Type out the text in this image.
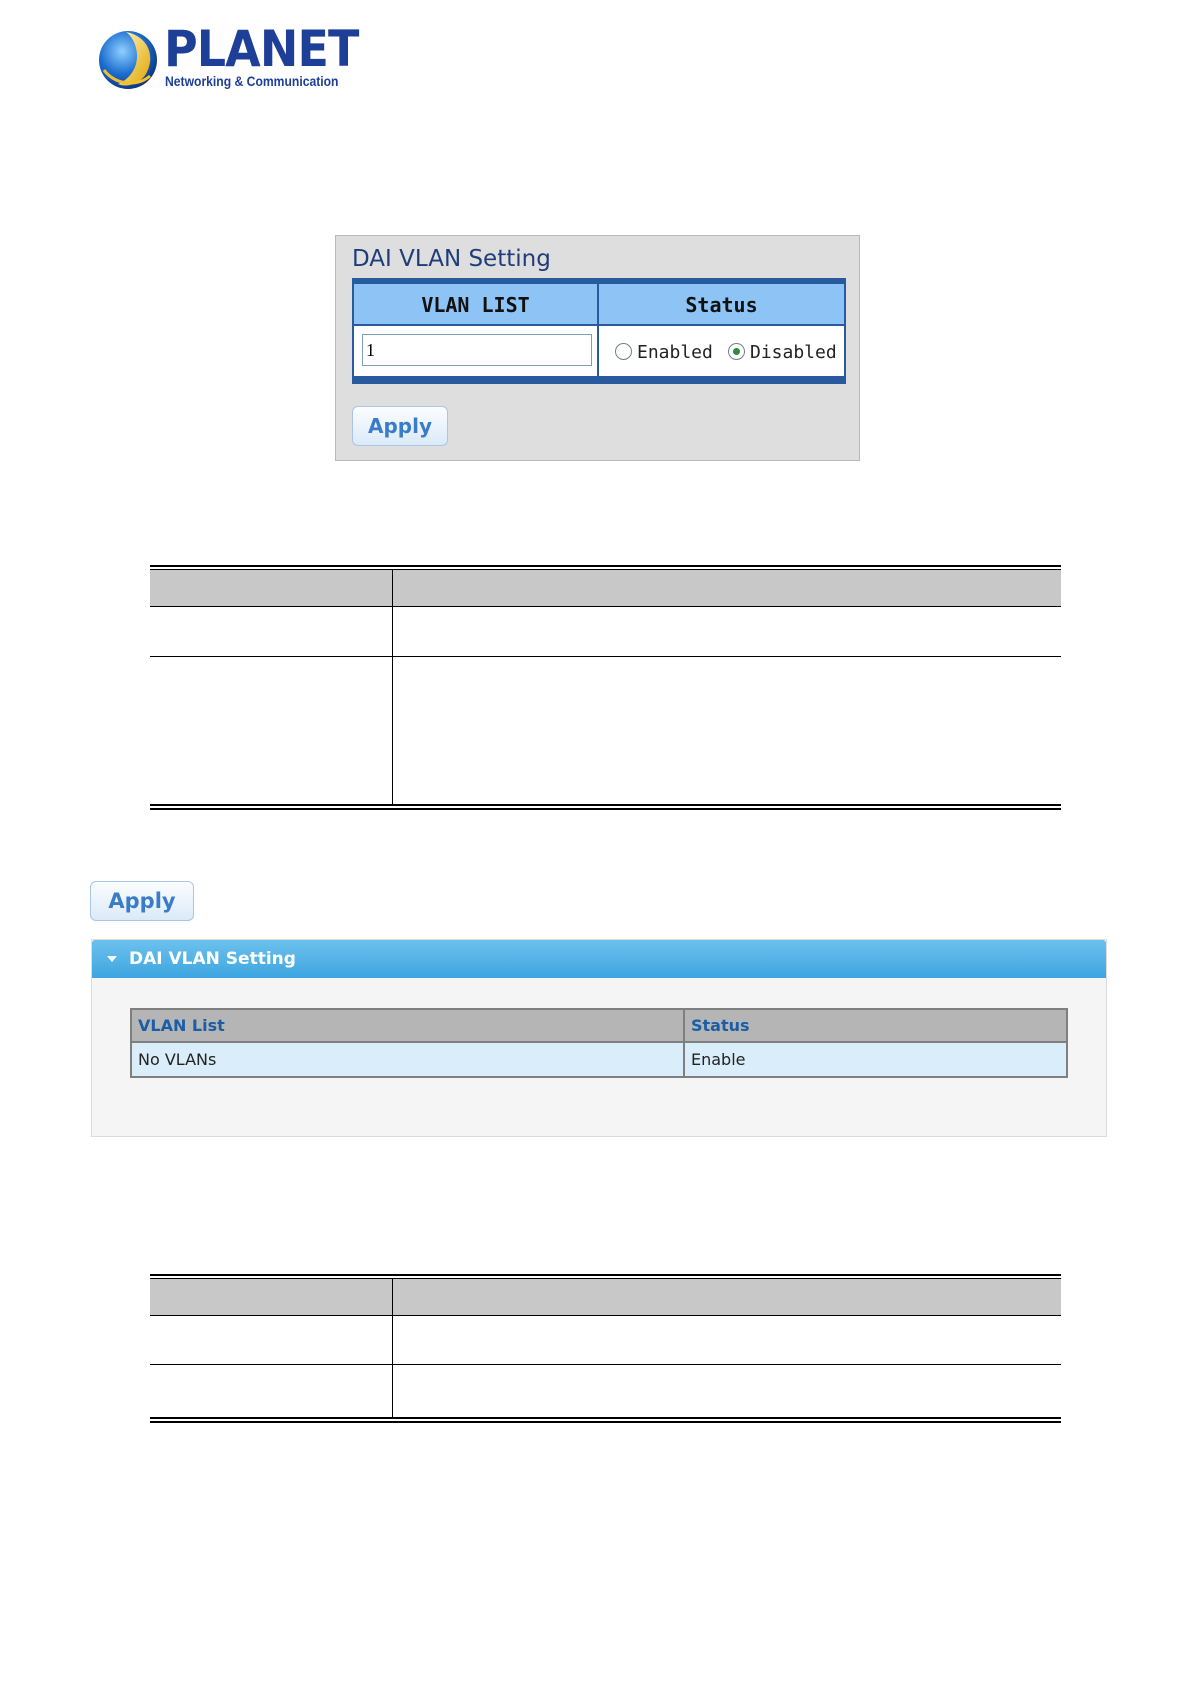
PLANET
Networking & Communication
DAI VLAN Setting
VLAN LIST	Status
1	Enabled Disabled
Apply
Apply
DAI VLAN Setting
VLAN List	Status
No VLANs	Enable
